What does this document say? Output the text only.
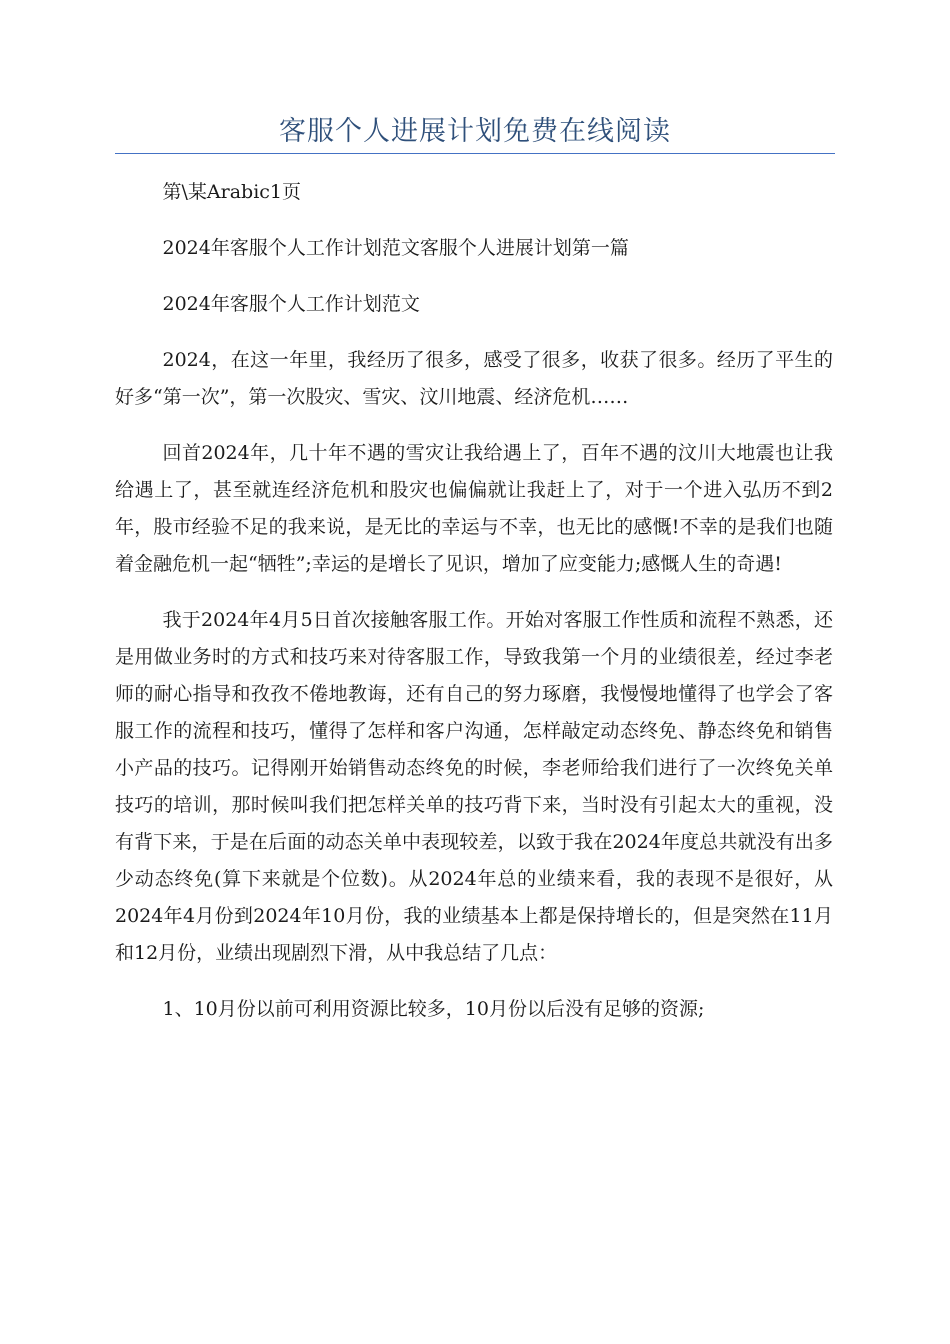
客服个人进展计划免费在线阅读

第\某Arabic1页

2024年客服个人工作计划范文客服个人进展计划第一篇

2024年客服个人工作计划范文

2024，在这一年里，我经历了很多，感受了很多，收获了很多。经历了平生的好多“第一次”，第一次股灾、雪灾、汶川地震、经济危机……

回首2024年，几十年不遇的雪灾让我给遇上了，百年不遇的汶川大地震也让我给遇上了，甚至就连经济危机和股灾也偏偏就让我赶上了，对于一个进入弘历不到2年，股市经验不足的我来说，是无比的幸运与不幸，也无比的感慨!不幸的是我们也随着金融危机一起“牺牲”;幸运的是增长了见识，增加了应变能力;感慨人生的奇遇!

我于2024年4月5日首次接触客服工作。开始对客服工作性质和流程不熟悉，还是用做业务时的方式和技巧来对待客服工作，导致我第一个月的业绩很差，经过李老师的耐心指导和孜孜不倦地教诲，还有自己的努力琢磨，我慢慢地懂得了也学会了客服工作的流程和技巧，懂得了怎样和客户沟通，怎样敲定动态终免、静态终免和销售小产品的技巧。记得刚开始销售动态终免的时候，李老师给我们进行了一次终免关单技巧的培训，那时候叫我们把怎样关单的技巧背下来，当时没有引起太大的重视，没有背下来，于是在后面的动态关单中表现较差，以致于我在2024年度总共就没有出多少动态终免(算下来就是个位数)。从2024年总的业绩来看，我的表现不是很好，从2024年4月份到2024年10月份，我的业绩基本上都是保持增长的，但是突然在11月和12月份，业绩出现剧烈下滑，从中我总结了几点：

1、10月份以前可利用资源比较多，10月份以后没有足够的资源;
